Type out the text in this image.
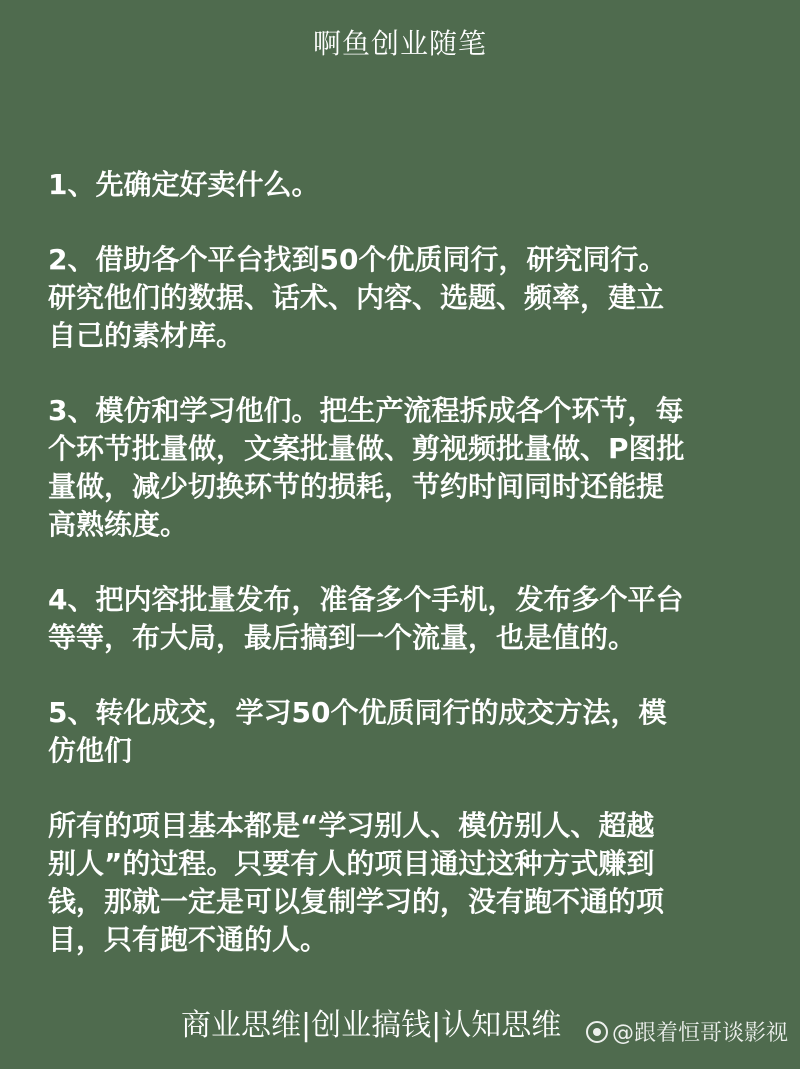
啊鱼创业随笔
1、先确定好卖什么。
2、借助各个平台找到50个优质同行，研究同行。
研究他们的数据、话术、内容、选题、频率，建立
自己的素材库。
3、模仿和学习他们。把生产流程拆成各个环节，每
个环节批量做，文案批量做、剪视频批量做、P图批
量做，减少切换环节的损耗，节约时间同时还能提
高熟练度。
4、把内容批量发布，准备多个手机，发布多个平台
等等，布大局，最后搞到一个流量，也是值的。
5、转化成交，学习50个优质同行的成交方法，模
仿他们
所有的项目基本都是“学习别人、模仿别人、超越
别人”的过程。只要有人的项目通过这种方式赚到
钱，那就一定是可以复制学习的，没有跑不通的项
目，只有跑不通的人。
商业思维|创业搞钱|认知思维 @跟着恒哥谈影视
